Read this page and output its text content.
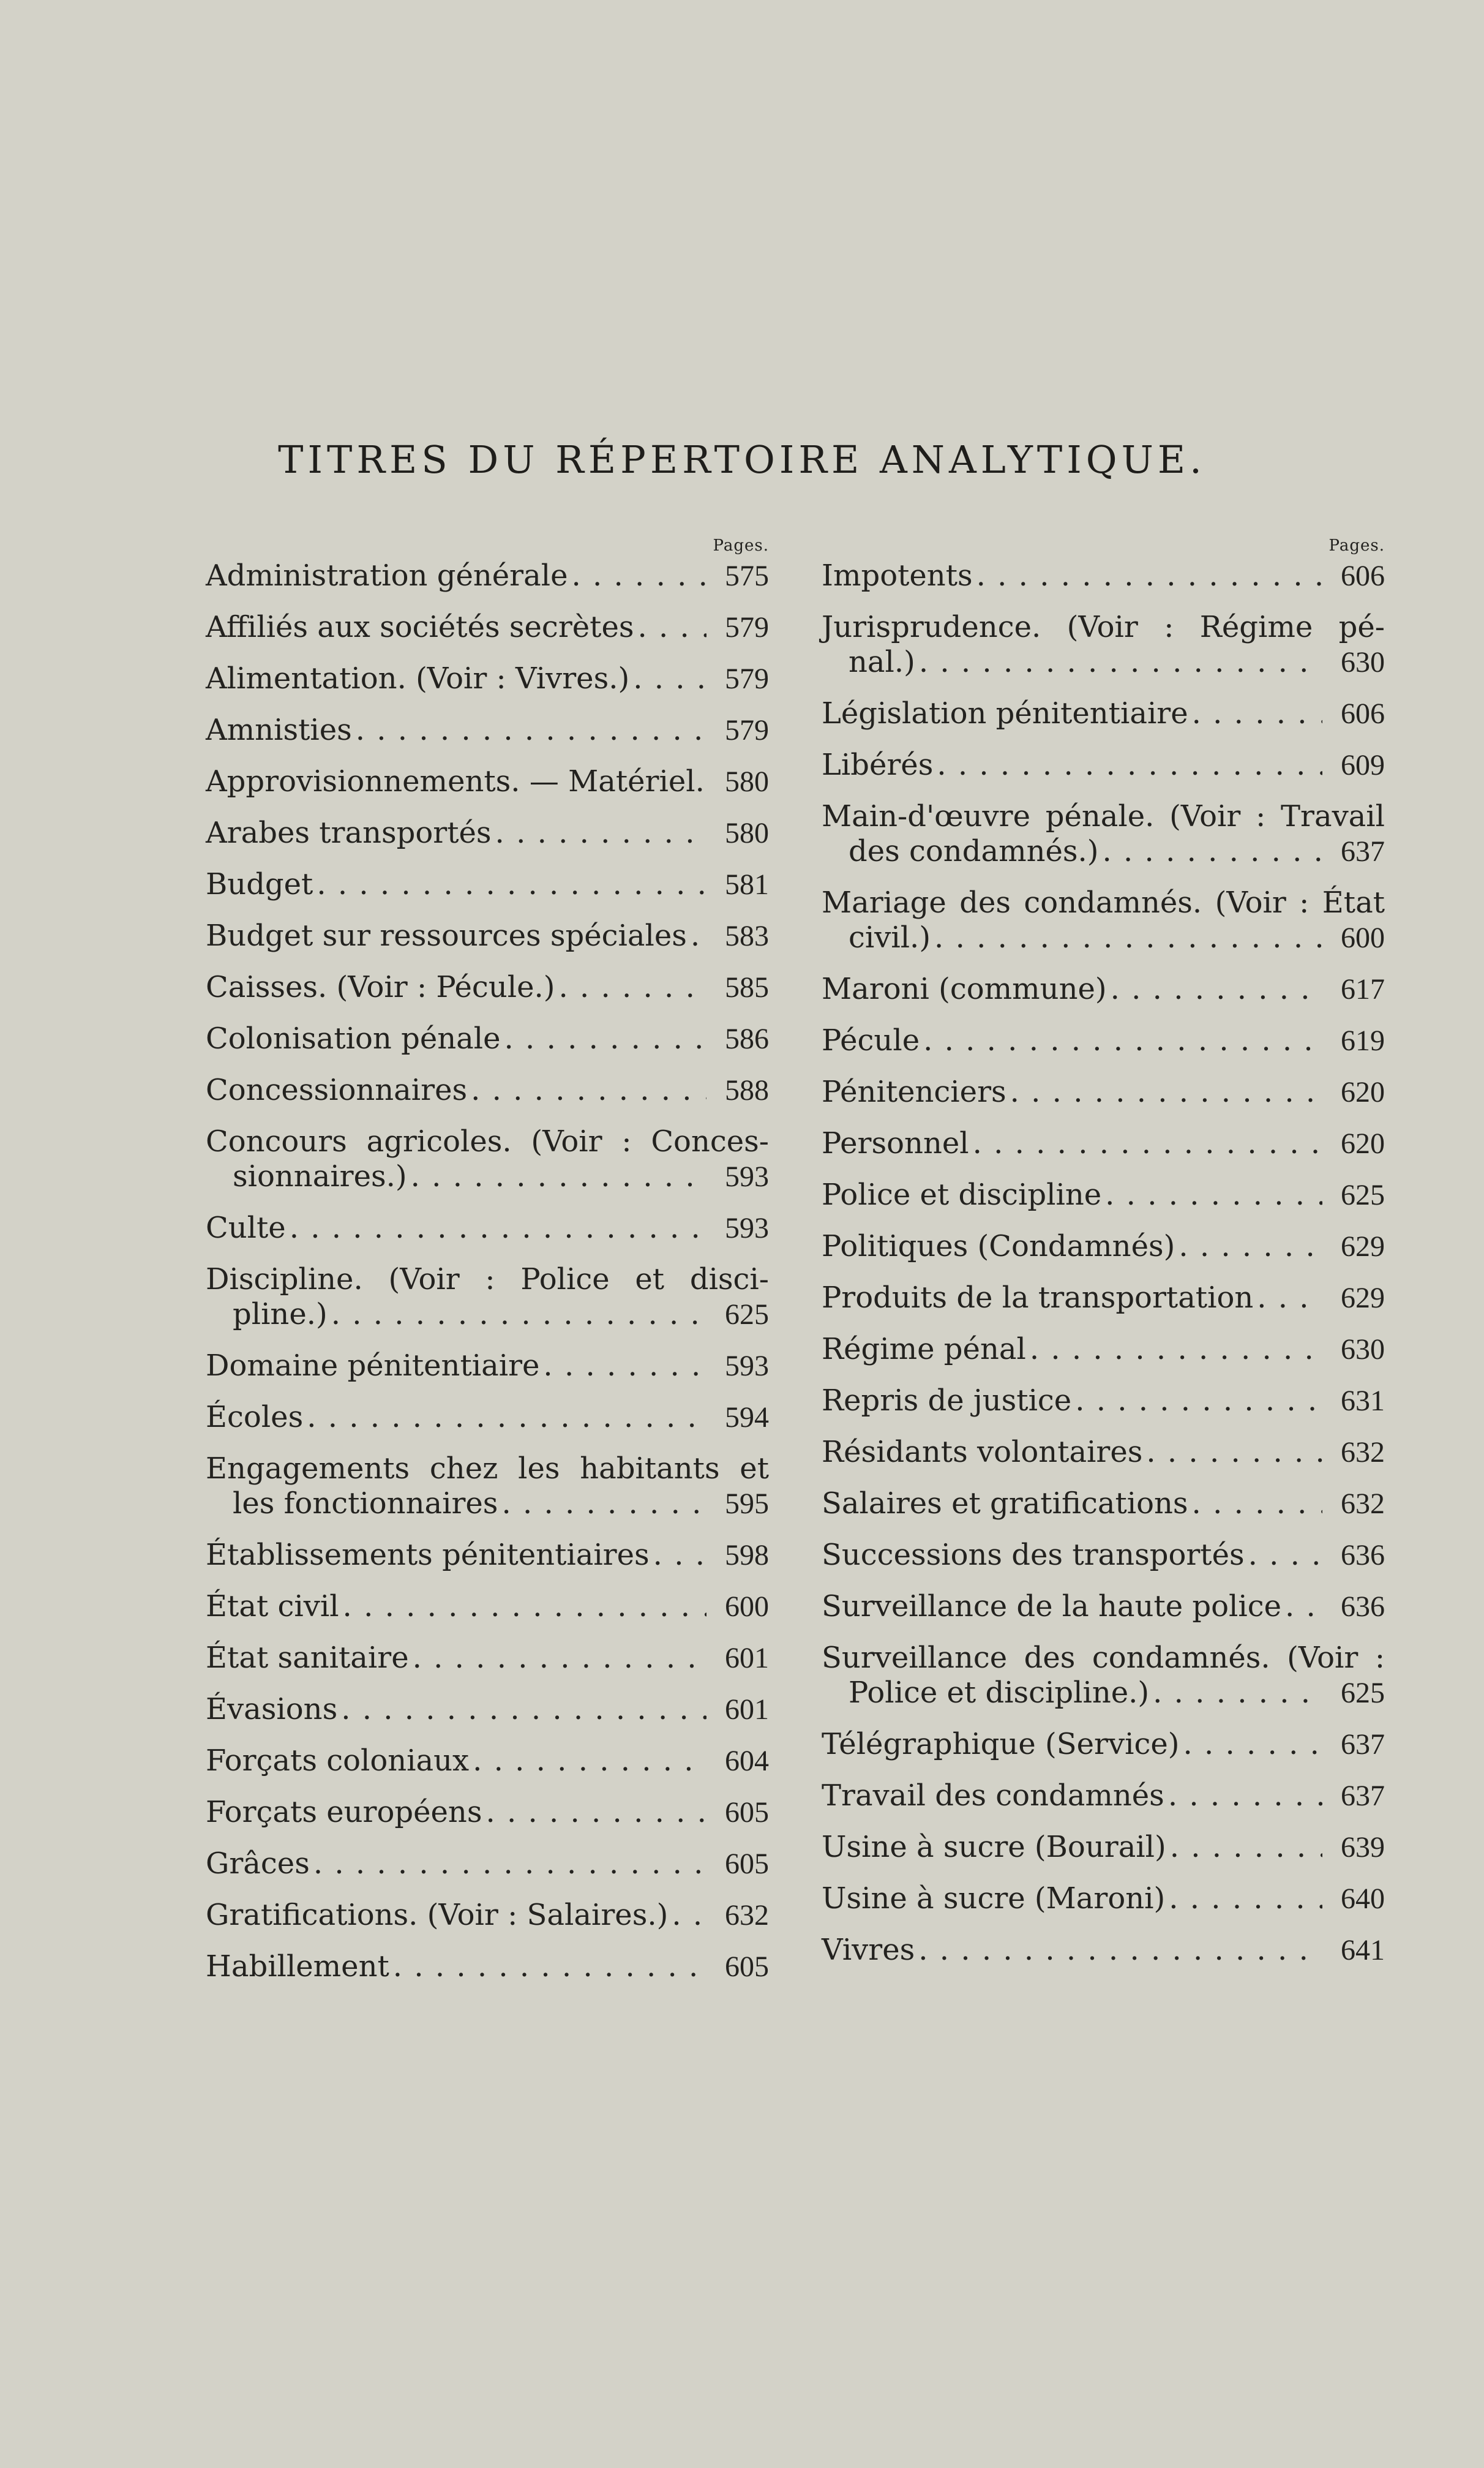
TITRES DU RÉPERTOIRE ANALYTIQUE.
Pages.
Administration générale . . .	575
Affiliés aux sociétés secrètes . . .	579
Alimentation. (Voir : Vivres.) . . .	579
Amnisties . . .	579
Approvisionnements. — Matériel. 580
Arabes transportés . . .	580
Budget . . .	581
Budget sur ressources spéciales . . . 583
Caisses. (Voir : Pécule.) . . .	585
Colonisation pénale . . .	586
Concessionnaires . . .	588
Concours agricoles. (Voir : Conces-
sionnaires.) . . .	593
Culte . . .	593
Discipline. (Voir : Police et disci-
pline.) . . .	625
Domaine pénitentiaire . . .	593
Écoles . . .	594
Engagements chez les habitants et
les fonctionnaires . . .	595
Établissements pénitentiaires . . .	598
État civil . . .	600
État sanitaire . . .	601
Évasions . . .	601
Forçats coloniaux . . .	604
Forçats européens . . .	605
Grâces . . .	605
Gratifications. (Voir : Salaires.) . . . 632
Habillement . . .	605
Pages.
Impotents . . .	606
Jurisprudence. (Voir : Régime pé-
nal.) . . .	630
Législation pénitentiaire . . .	606
Libérés . . .	609
Main-d'œuvre pénale. (Voir : Travail
des condamnés.) . . .	637
Mariage des condamnés. (Voir : État
civil.) . . .	600
Maroni (commune) . . .	617
Pécule . . .	619
Pénitenciers . . .	620
Personnel . . .	620
Police et discipline . . .	625
Politiques (Condamnés) . . .	629
Produits de la transportation . . .	629
Régime pénal . . .	630
Repris de justice . . .	631
Résidants volontaires . . .	632
Salaires et gratifications . . .	632
Successions des transportés . . .	636
Surveillance de la haute police . . . 636
Surveillance des condamnés. (Voir :
Police et discipline.) . . .	625
Télégraphique (Service) . . .	637
Travail des condamnés . . .	637
Usine à sucre (Bourail) . . .	639
Usine à sucre (Maroni) . . .	640
Vivres . . .	641
